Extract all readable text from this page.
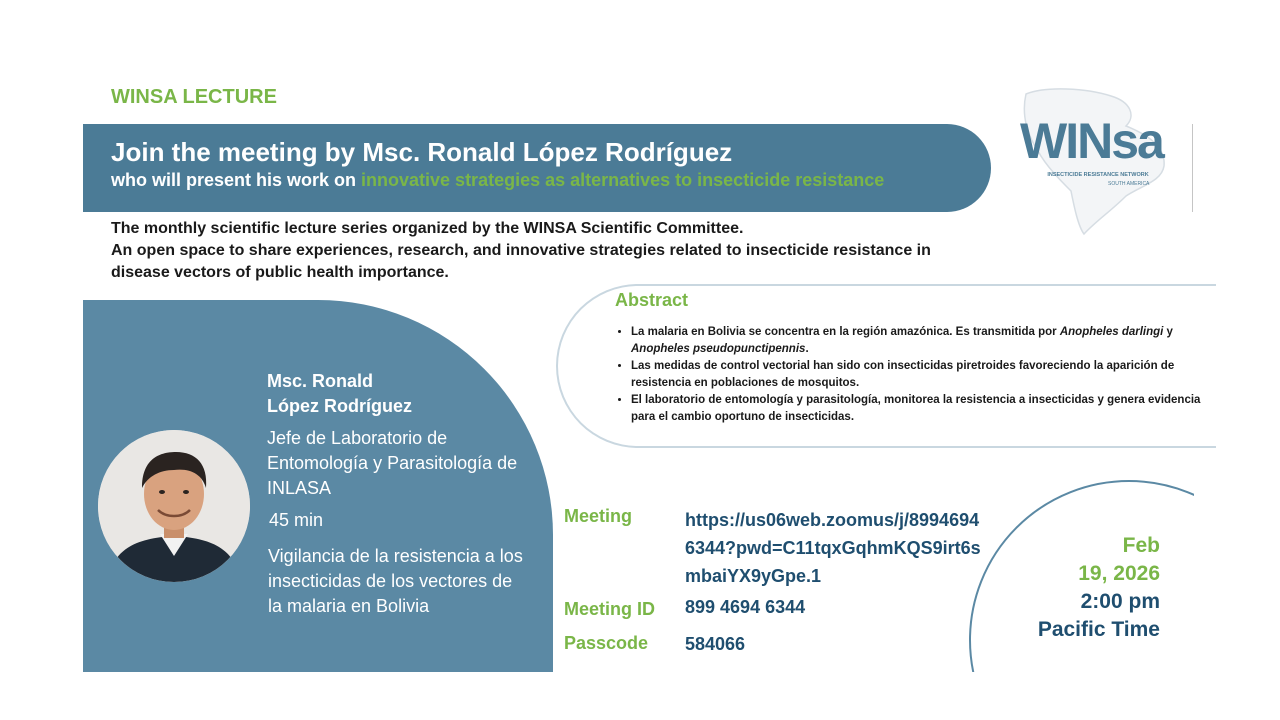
WINSA LECTURE
Join the meeting by Msc. Ronald López Rodríguez
who will present his work on innovative strategies as alternatives to insecticide resistance
The monthly scientific lecture series organized by the WINSA Scientific Committee.
An open space to share experiences, research, and innovative strategies related to insecticide resistance in disease vectors of public health importance.
WINsa
INSECTICIDE RESISTANCE NETWORK
SOUTH AMERICA
Abstract
• La malaria en Bolivia se concentra en la región amazónica. Es transmitida por Anopheles darlingi y Anopheles pseudopunctipennis.
• Las medidas de control vectorial han sido con insecticidas piretroides favoreciendo la aparición de resistencia en poblaciones de mosquitos.
• El laboratorio de entomología y parasitología, monitorea la resistencia a insecticidas y genera evidencia para el cambio oportuno de insecticidas.
Msc. Ronald
López Rodríguez
Jefe de Laboratorio de Entomología y Parasitología de INLASA
45 min
Vigilancia de la resistencia a los insecticidas de los vectores de la malaria en Bolivia
Meeting	https://us06web.zoomus/j/89946946344?pwd=C11tqxGqhmKQS9irt6smbaiYX9yGpe.1
Meeting ID 899 4694 6344
Passcode 584066
Feb
19, 2026
2:00 pm
Pacific Time
